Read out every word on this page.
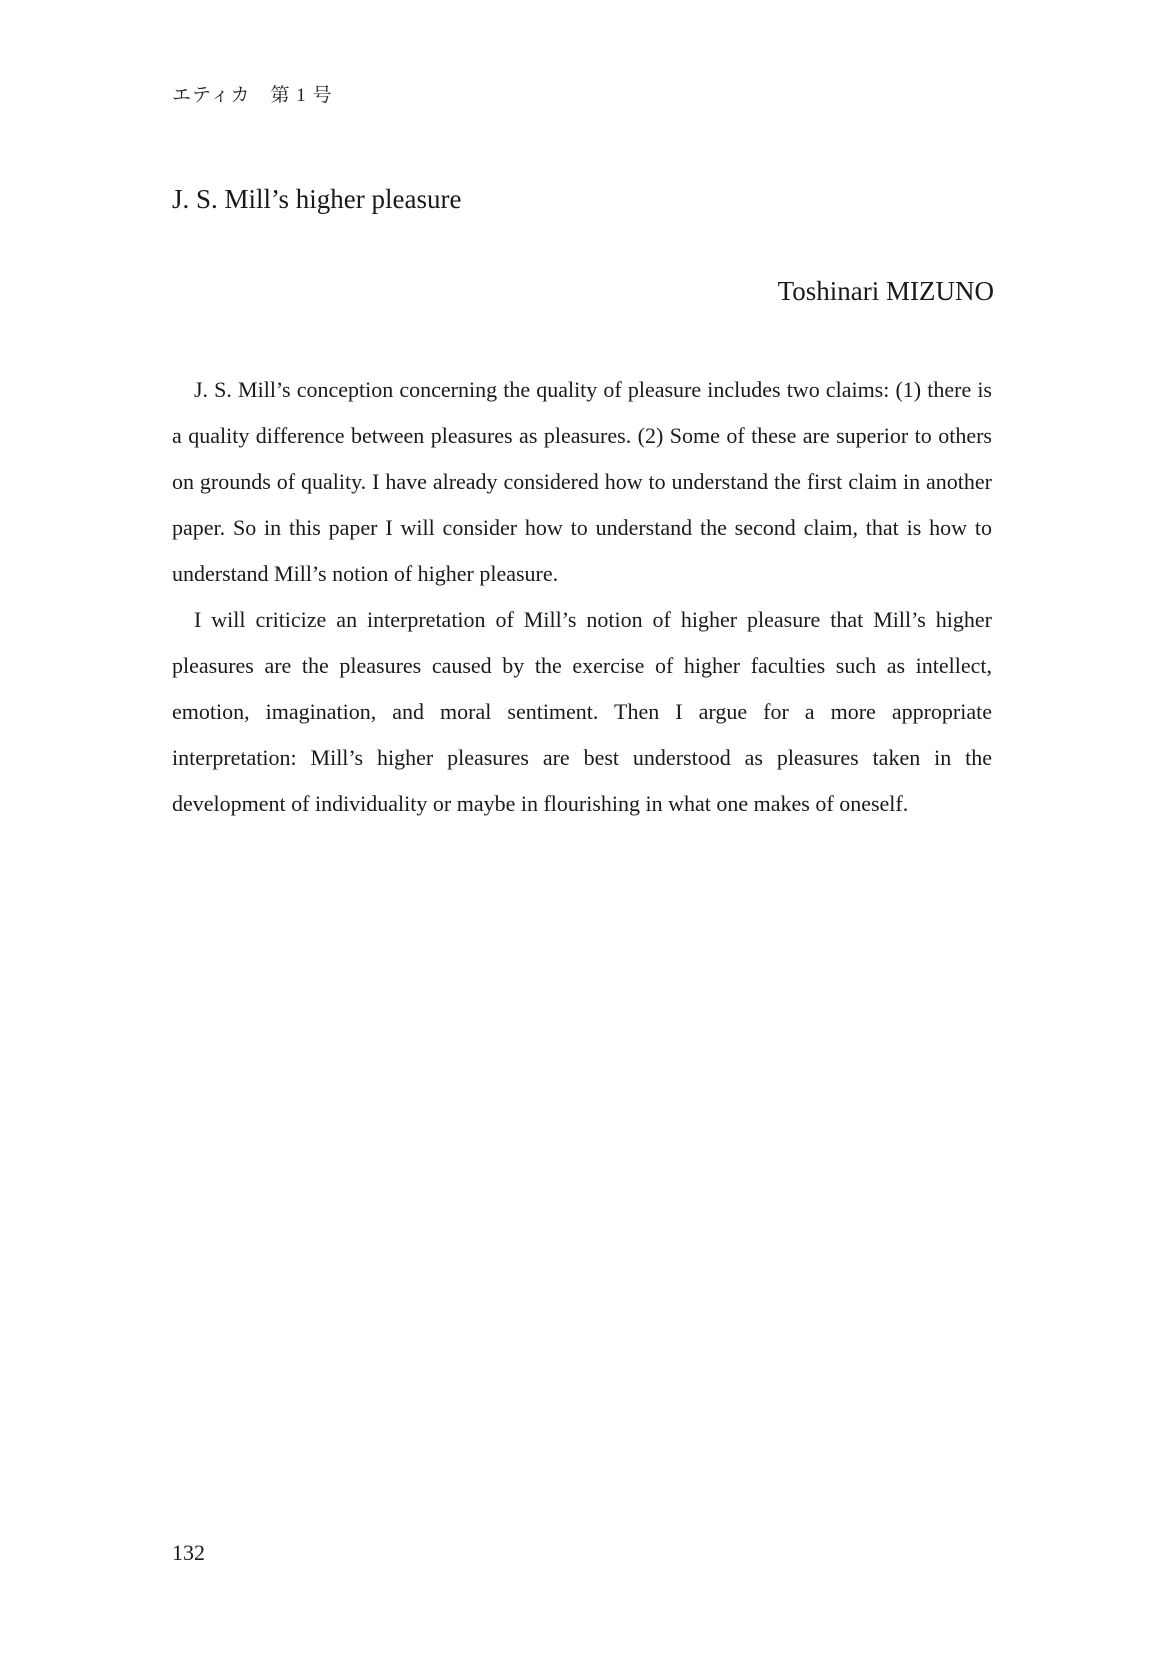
エティカ　第 1 号
J. S. Mill’s higher pleasure
Toshinari MIZUNO

J. S. Mill’s conception concerning the quality of pleasure includes two claims: (1) there is a quality difference between pleasures as pleasures. (2) Some of these are superior to others on grounds of quality. I have already considered how to understand the first claim in another paper. So in this paper I will consider how to understand the second claim, that is how to understand Mill’s notion of higher pleasure.

I will criticize an interpretation of Mill’s notion of higher pleasure that Mill’s higher pleasures are the pleasures caused by the exercise of higher faculties such as intellect, emotion, imagination, and moral sentiment. Then I argue for a more appropriate interpretation: Mill’s higher pleasures are best understood as pleasures taken in the development of individuality or maybe in flourishing in what one makes of oneself.

132
